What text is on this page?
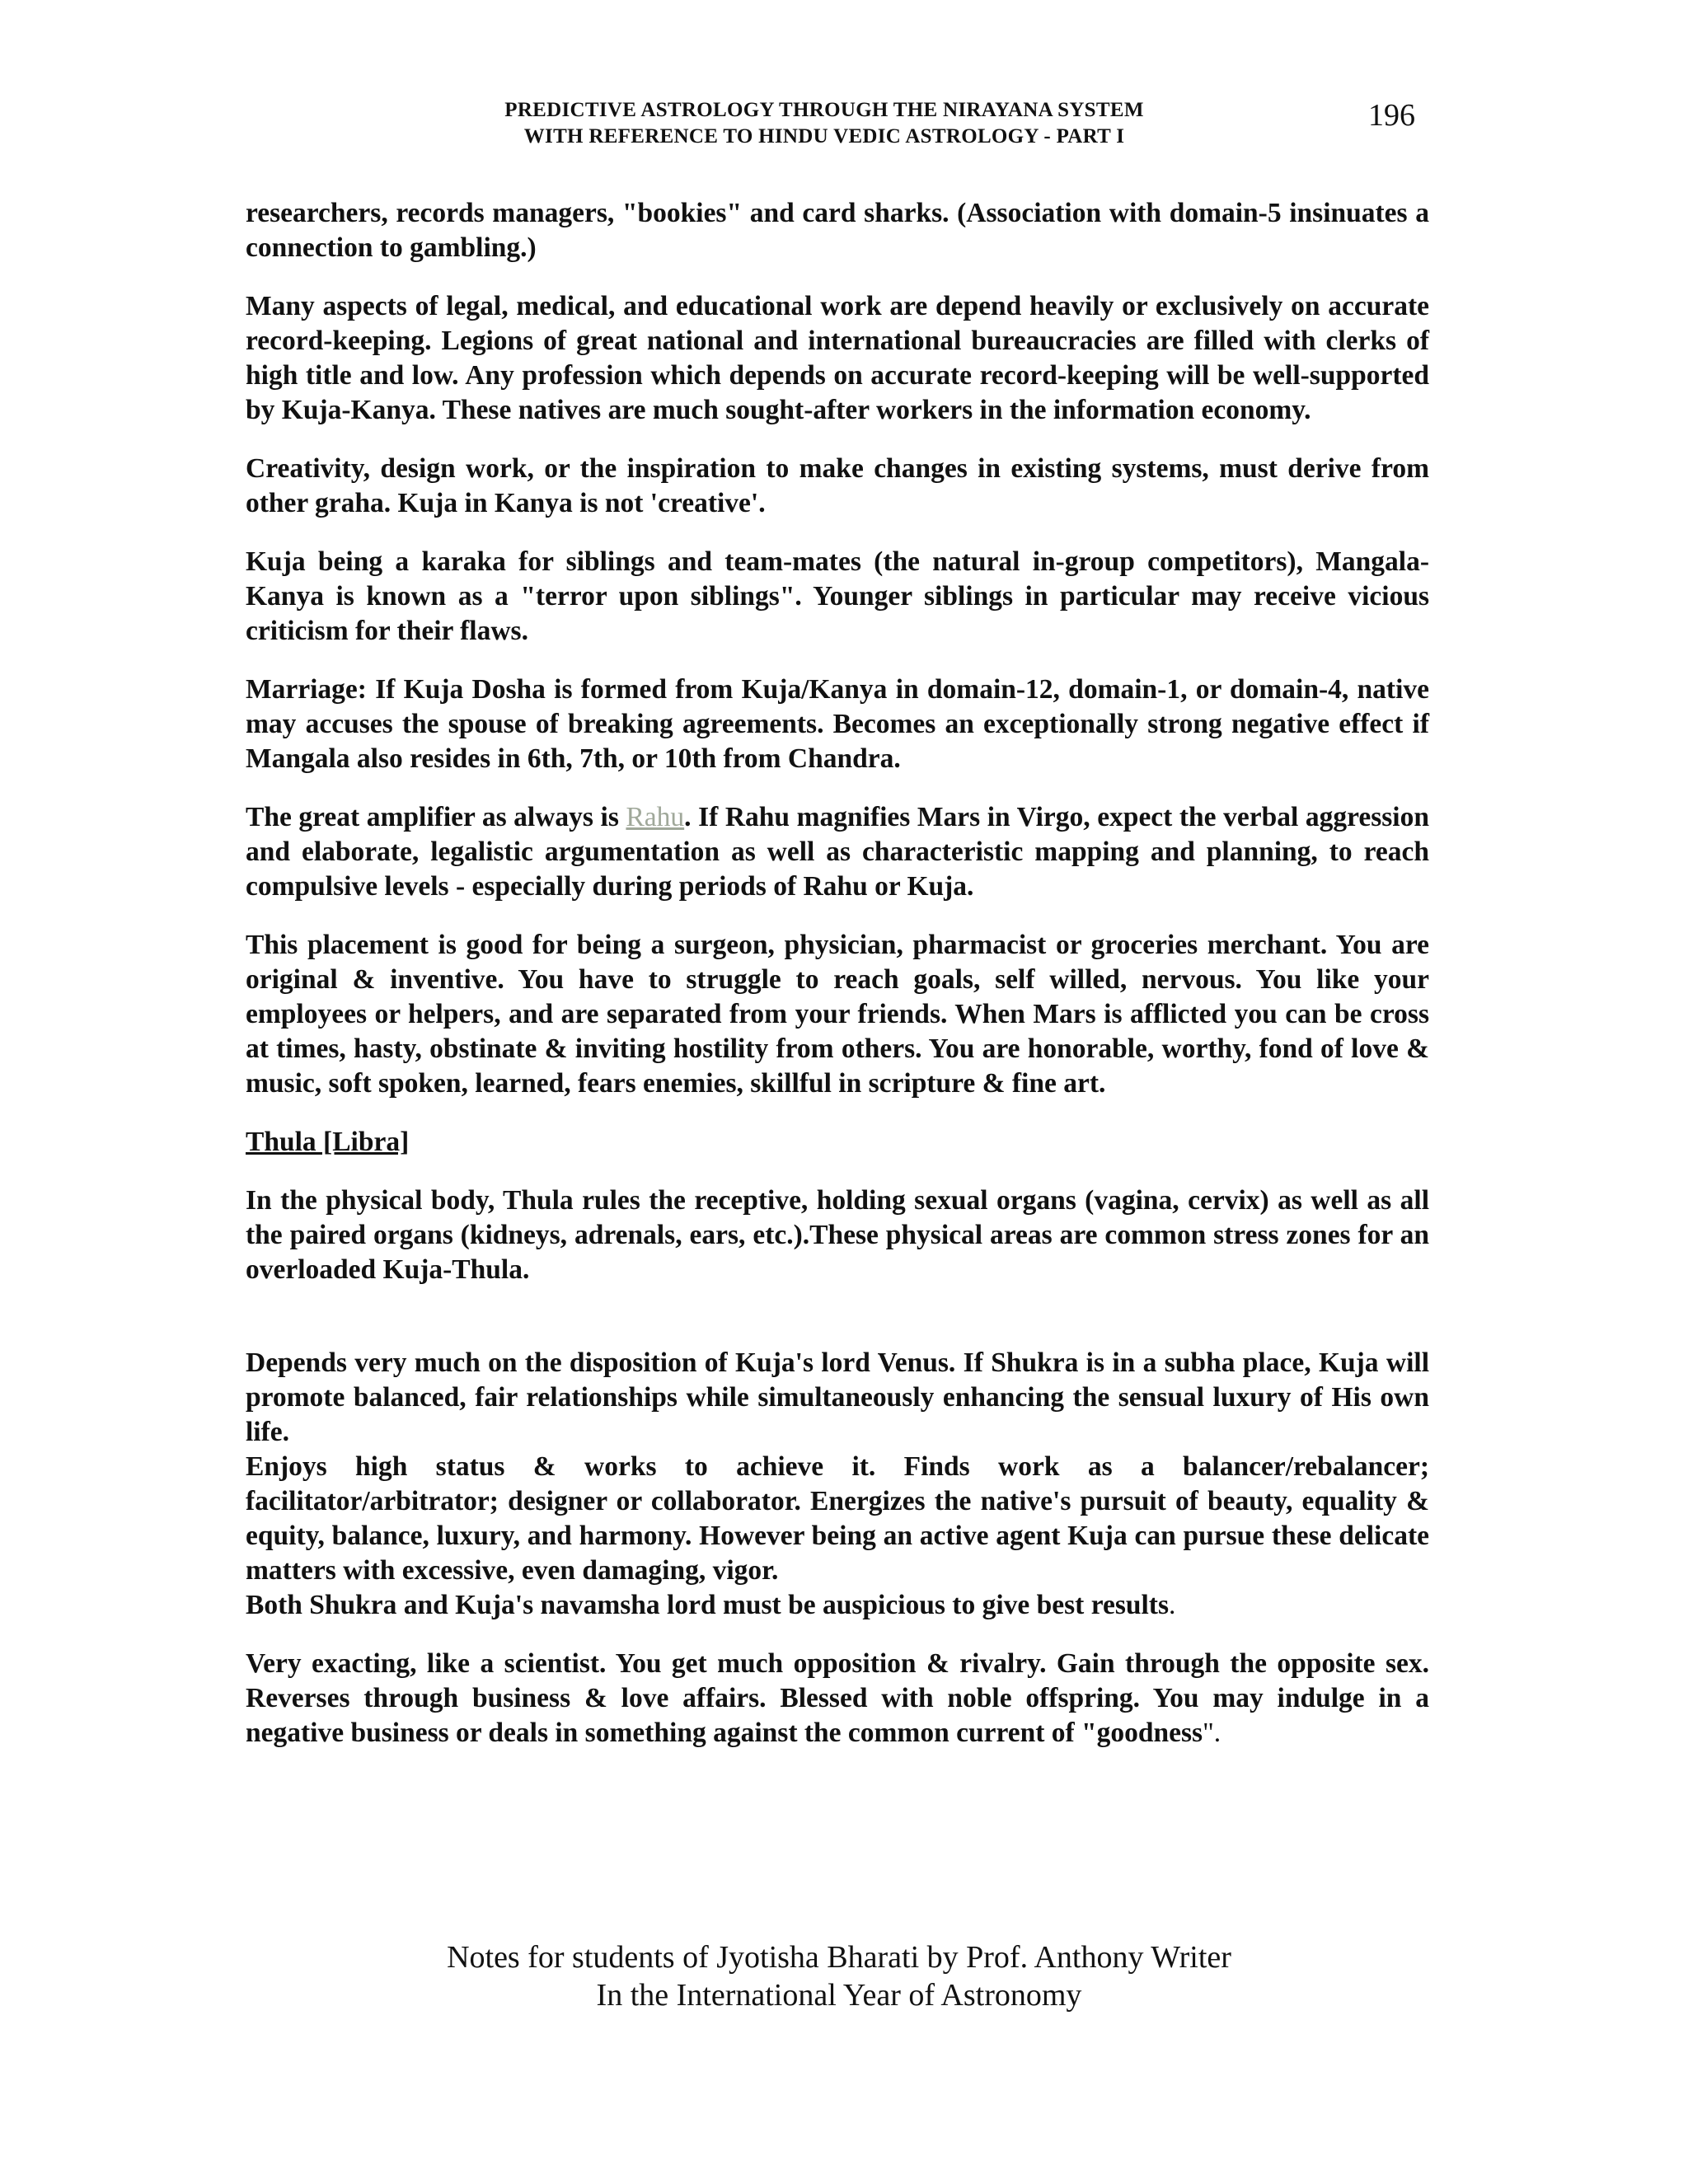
PREDICTIVE ASTROLOGY THROUGH THE NIRAYANA SYSTEM
WITH REFERENCE TO HINDU VEDIC ASTROLOGY - PART I
196

researchers, records managers, "bookies" and card sharks. (Association with domain-5 insinuates a connection to gambling.)

Many aspects of legal, medical, and educational work are depend heavily or exclusively on accurate record-keeping. Legions of great national and international bureaucracies are filled with clerks of high title and low. Any profession which depends on accurate record-keeping will be well-supported by Kuja-Kanya. These natives are much sought-after workers in the information economy.

Creativity, design work, or the inspiration to make changes in existing systems, must derive from other graha. Kuja in Kanya is not 'creative'.

Kuja being a karaka for siblings and team-mates (the natural in-group competitors), Mangala-Kanya is known as a "terror upon siblings". Younger siblings in particular may receive vicious criticism for their flaws.

Marriage: If Kuja Dosha is formed from Kuja/Kanya in domain-12, domain-1, or domain-4, native may accuses the spouse of breaking agreements. Becomes an exceptionally strong negative effect if Mangala also resides in 6th, 7th, or 10th from Chandra.

The great amplifier as always is Rahu. If Rahu magnifies Mars in Virgo, expect the verbal aggression and elaborate, legalistic argumentation as well as characteristic mapping and planning, to reach compulsive levels - especially during periods of Rahu or Kuja.

This placement is good for being a surgeon, physician, pharmacist or groceries merchant. You are original & inventive. You have to struggle to reach goals, self willed, nervous. You like your employees or helpers, and are separated from your friends. When Mars is afflicted you can be cross at times, hasty, obstinate & inviting hostility from others. You are honorable, worthy, fond of love & music, soft spoken, learned, fears enemies, skillful in scripture & fine art.

Thula [Libra]

In the physical body, Thula rules the receptive, holding sexual organs (vagina, cervix) as well as all the paired organs (kidneys, adrenals, ears, etc.).These physical areas are common stress zones for an overloaded Kuja-Thula.

Depends very much on the disposition of Kuja's lord Venus. If Shukra is in a subha place, Kuja will promote balanced, fair relationships while simultaneously enhancing the sensual luxury of His own life.

Enjoys high status & works to achieve it. Finds work as a balancer/rebalancer; facilitator/arbitrator; designer or collaborator. Energizes the native's pursuit of beauty, equality & equity, balance, luxury, and harmony. However being an active agent Kuja can pursue these delicate matters with excessive, even damaging, vigor.

Both Shukra and Kuja's navamsha lord must be auspicious to give best results.

Very exacting, like a scientist. You get much opposition & rivalry. Gain through the opposite sex. Reverses through business & love affairs. Blessed with noble offspring. You may indulge in a negative business or deals in something against the common current of "goodness".

Notes for students of Jyotisha Bharati by Prof. Anthony Writer
In the International Year of Astronomy
